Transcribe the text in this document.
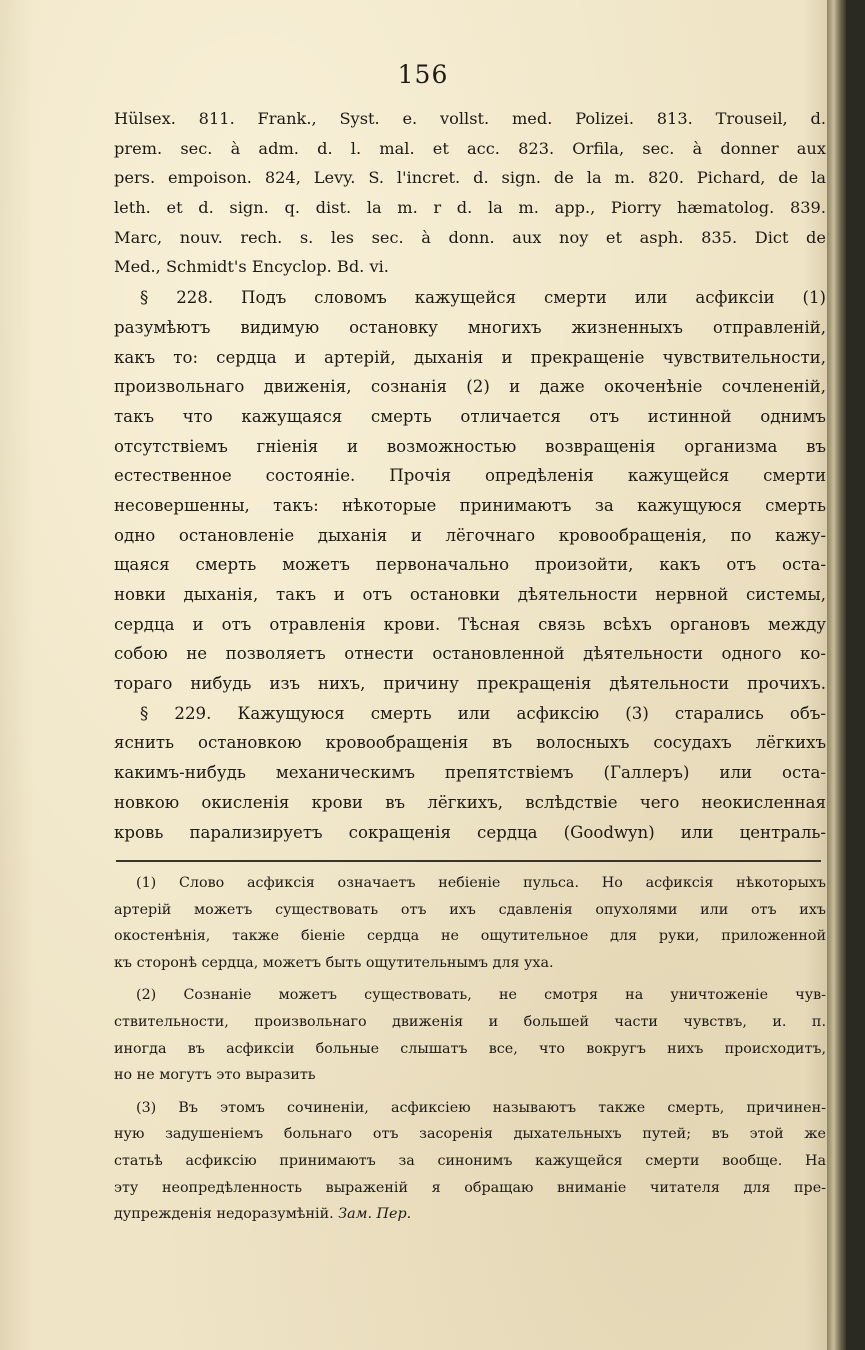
156
Hülsex. 811. Frank., Syst. e. vollst. med. Polizei. 813. Trouseil, d.
prem. sec. à adm. d. l. mal. et acc. 823. Orfila, sec. à donner aux
pers. empoison. 824, Levy. S. l'incret. d. sign. de la m. 820. Pichard, de la
leth. et d. sign. q. dist. la m. r d. la m. app., Piorry hæmatolog. 839.
Marc, nouv. rech. s. les sec. à donn. aux noy et asph. 835. Dict de
Med., Schmidt's Encyclop. Bd. vi.
§ 228. Подъ словомъ кажущейся смерти или асфиксіи (1)
разумѣютъ видимую остановку многихъ жизненныхъ отправленій,
какъ то: сердца и артерій, дыханія и прекращеніе чувствительности,
произвольнаго движенія, сознанія (2) и даже окоченѣніе сочлененій,
такъ что кажущаяся смерть отличается отъ истинной однимъ
отсутствіемъ гніенія и возможностью возвращенія организма въ
естественное состояніе. Прочія опредѣленія кажущейся смерти
несовершенны, такъ: нѣкоторые принимаютъ за кажущуюся смерть
одно остановленіе дыханія и лёгочнаго кровообращенія, по кажу-
щаяся смерть можетъ первоначально произойти, какъ отъ оста-
новки дыханія, такъ и отъ остановки дѣятельности нервной системы,
сердца и отъ отравленія крови. Тѣсная связь всѣхъ органовъ между
собою не позволяетъ отнести остановленной дѣятельности одного ко-
тораго нибудь изъ нихъ, причину прекращенія дѣятельности прочихъ.
§ 229. Кажущуюся смерть или асфиксію (3) старались объ-
яснить остановкою кровообращенія въ волосныхъ сосудахъ лёгкихъ
какимъ-нибудь механическимъ препятствіемъ (Галлеръ) или оста-
новкою окисленія крови въ лёгкихъ, вслѣдствіе чего неокисленная
кровь парализируетъ сокращенія сердца (Goodwyn) или централь-
(1) Слово асфиксія означаетъ небіеніе пульса. Но асфиксія нѣкоторыхъ
артерій можетъ существовать отъ ихъ сдавленія опухолями или отъ ихъ
окостенѣнія, также біеніе сердца не ощутительное для руки, приложенной
къ сторонѣ сердца, можетъ быть ощутительнымъ для уха.
(2) Сознаніе можетъ существовать, не смотря на уничтоженіе чув-
ствительности, произвольнаго движенія и большей части чувствъ, и. п.
иногда въ асфиксіи больные слышатъ все, что вокругъ нихъ происходитъ,
но не могутъ это выразить
(3) Въ этомъ сочиненіи, асфиксіею называютъ также смерть, причинен-
ную задушеніемъ больнаго отъ засоренія дыхательныхъ путей; въ этой же
статьѣ асфиксію принимаютъ за синонимъ кажущейся смерти вообще. На
эту неопредѣленность выраженій я обращаю вниманіе читателя для пре-
дупрежденія недоразумѣній. Зам. Пер.
